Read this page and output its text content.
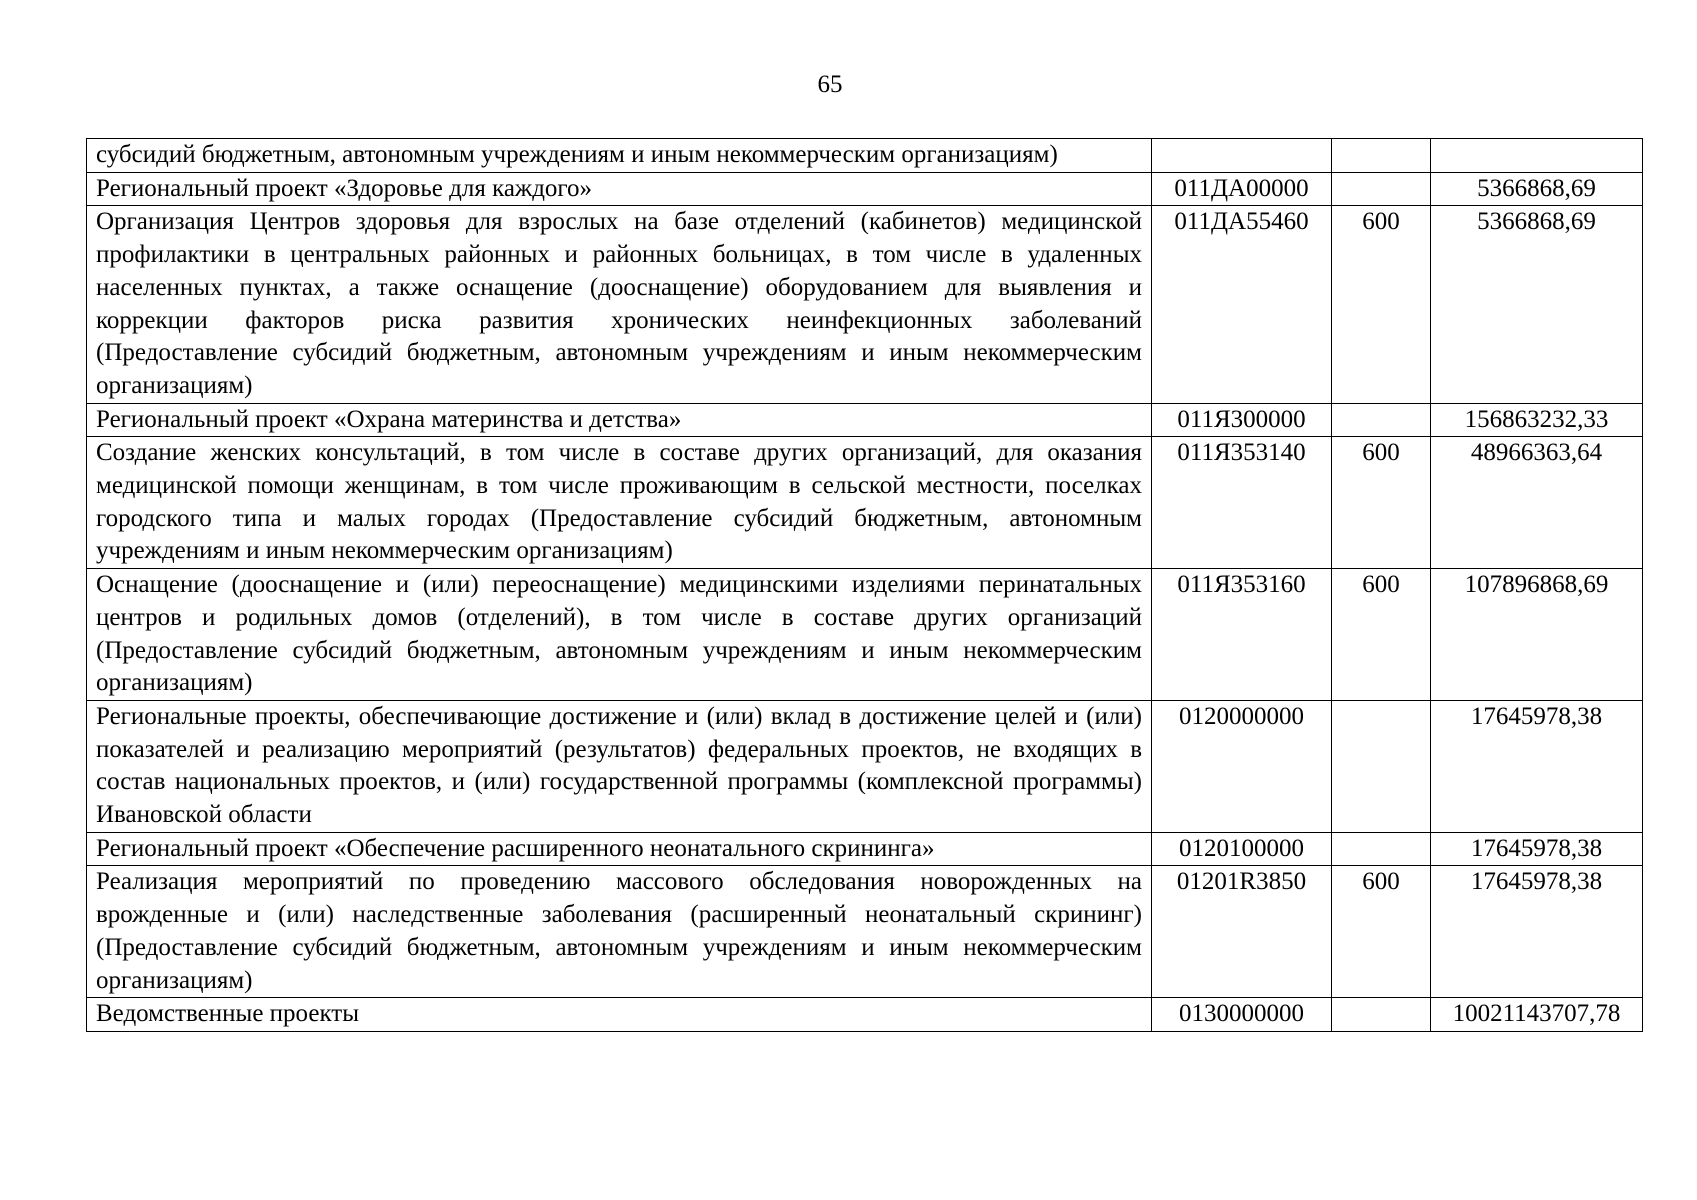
65
субсидий бюджетным, автономным учреждениям и иным некоммерческим организациям)			
Региональный проект «Здоровье для каждого»	011ДА00000		5366868,69
Организация Центров здоровья для взрослых на базе отделений (кабинетов) медицинской профилактики в центральных районных и районных больницах, в том числе в удаленных населенных пунктах, а также оснащение (дооснащение) оборудованием для выявления и коррекции факторов риска развития хронических неинфекционных заболеваний (Предоставление субсидий бюджетным, автономным учреждениям и иным некоммерческим организациям)	011ДА55460	600	5366868,69
Региональный проект «Охрана материнства и детства»	011Я300000		156863232,33
Создание женских консультаций, в том числе в составе других организаций, для оказания медицинской помощи женщинам, в том числе проживающим в сельской местности, поселках городского типа и малых городах (Предоставление субсидий бюджетным, автономным учреждениям и иным некоммерческим организациям)	011Я353140	600	48966363,64
Оснащение (дооснащение и (или) переоснащение) медицинскими изделиями перинатальных центров и родильных домов (отделений), в том числе в составе других организаций (Предоставление субсидий бюджетным, автономным учреждениям и иным некоммерческим организациям)	011Я353160	600	107896868,69
Региональные проекты, обеспечивающие достижение и (или) вклад в достижение целей и (или) показателей и реализацию мероприятий (результатов) федеральных проектов, не входящих в состав национальных проектов, и (или) государственной программы (комплексной программы) Ивановской области	0120000000		17645978,38
Региональный проект «Обеспечение расширенного неонатального скрининга»	0120100000		17645978,38
Реализация мероприятий по проведению массового обследования новорожденных на врожденные и (или) наследственные заболевания (расширенный неонатальный скрининг) (Предоставление субсидий бюджетным, автономным учреждениям и иным некоммерческим организациям)	01201R3850	600	17645978,38
Ведомственные проекты	0130000000		10021143707,78
